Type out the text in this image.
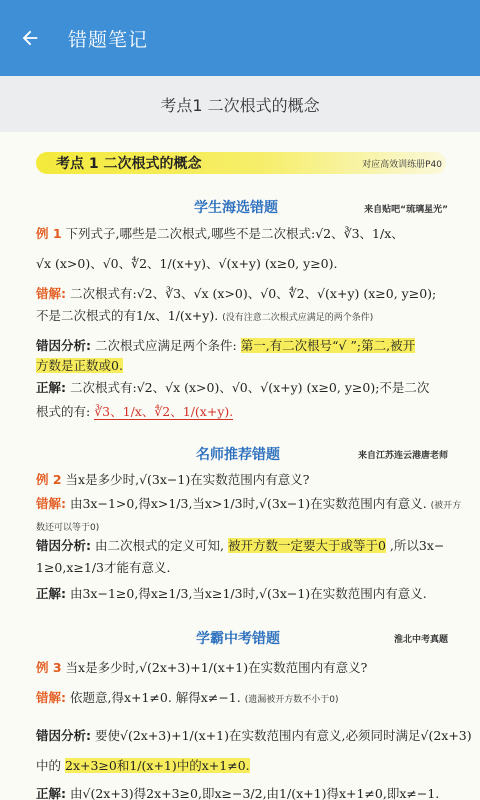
错题笔记
考点1 二次根式的概念
考点 1 二次根式的概念	对应高效训练册P40
学生海选错题	来自贴吧“琉璃星光”
例 1 下列式子,哪些是二次根式,哪些不是二次根式:√2、∛3、1/x、
√x (x>0)、√0、∜2、1/(x+y)、√(x+y) (x≥0, y≥0).
错解: 二次根式有:√2、∛3、√x (x>0)、√0、∜2、√(x+y) (x≥0, y≥0);
不是二次根式的有1/x、1/(x+y). (没有注意二次根式应满足的两个条件)
错因分析: 二次根式应满足两个条件: 第一,有二次根号“√ ”;第二,被开
方数是正数或0.
正解: 二次根式有:√2、√x (x>0)、√0、√(x+y) (x≥0, y≥0);不是二次
根式的有: ∛3、1/x、∜2、1/(x+y).
名师推荐错题	来自江苏连云港唐老师
例 2 当x是多少时,√(3x−1)在实数范围内有意义?
错解: 由3x−1>0,得x>1/3,当x>1/3时,√(3x−1)在实数范围内有意义. (被开方
数还可以等于0)
错因分析: 由二次根式的定义可知, 被开方数一定要大于或等于0 ,所以3x−
1≥0,x≥1/3才能有意义.
正解: 由3x−1≥0,得x≥1/3,当x≥1/3时,√(3x−1)在实数范围内有意义.
学霸中考错题	淮北中考真题
例 3 当x是多少时,√(2x+3)+1/(x+1)在实数范围内有意义?
错解: 依题意,得x+1≠0. 解得x≠−1. (遗漏被开方数不小于0)
错因分析: 要使√(2x+3)+1/(x+1)在实数范围内有意义,必须同时满足√(2x+3)
中的 2x+3≥0和1/(x+1)中的x+1≠0.
正解: 由√(2x+3)得2x+3≥0,即x≥−3/2,由1/(x+1)得x+1≠0,即x≠−1.
